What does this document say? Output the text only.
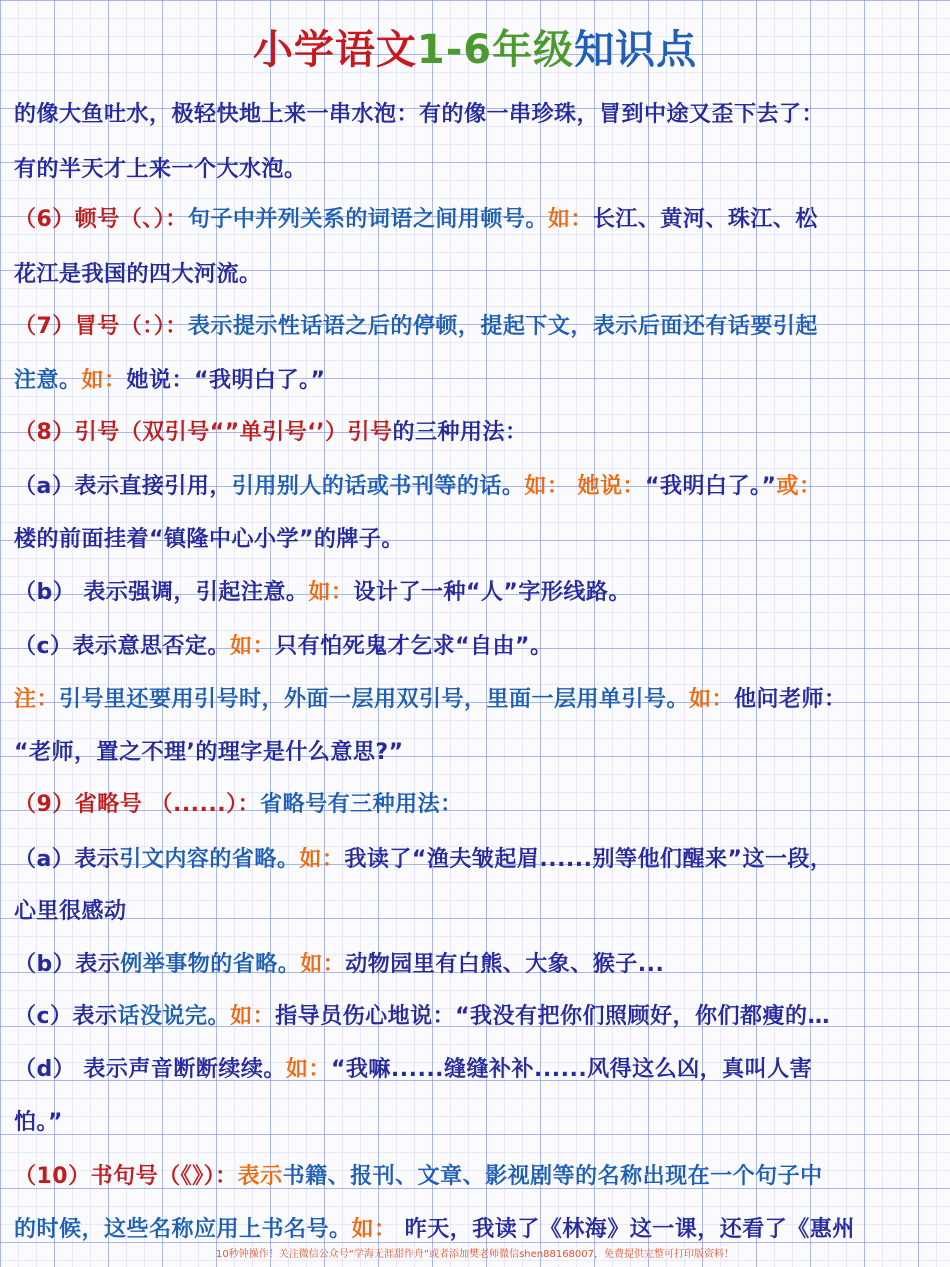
小学语文1-6年级知识点
的像大鱼吐水，极轻快地上来一串水泡：有的像一串珍珠，冒到中途又歪下去了：
有的半天才上来一个大水泡。
（6）顿号（、）：句子中并列关系的词语之间用顿号。如：长江、黄河、珠江、松
花江是我国的四大河流。
（7）冒号（：）：表示提示性话语之后的停顿，提起下文，表示后面还有话要引起
注意。如：她说：“我明白了。”
（8）引号（双引号“”单引号‘’）引号的三种用法：
（a）表示直接引用，引用别人的话或书刊等的话。如： 她说：“我明白了。”或：
楼的前面挂着“镇隆中心小学”的牌子。
（b） 表示强调，引起注意。如：设计了一种“人”字形线路。
（c）表示意思否定。如：只有怕死鬼才乞求“自由”。
注：引号里还要用引号时，外面一层用双引号，里面一层用单引号。如：他问老师：
“老师，置之不理’的理字是什么意思?”
（9）省略号 （......）：省略号有三种用法：
（a）表示引文内容的省略。如：我读了“渔夫皱起眉......别等他们醒来”这一段，
心里很感动
（b）表示例举事物的省略。如：动物园里有白熊、大象、猴子...
（c）表示话没说完。如：指导员伤心地说：“我没有把你们照顾好，你们都瘦的…
（d） 表示声音断断续续。如：“我嘛......缝缝补补......风得这么凶，真叫人害
怕。”
（10）书句号（《》）：表示书籍、报刊、文章、影视剧等的名称出现在一个句子中
的时候，这些名称应用上书名号。如： 昨天，我读了《林海》这一课，还看了《惠州
10秒钟操作！关注微信公众号“学海无涯甜作舟”或者添加樊老师微信shen88168007，免费提供完整可打印版资料！
